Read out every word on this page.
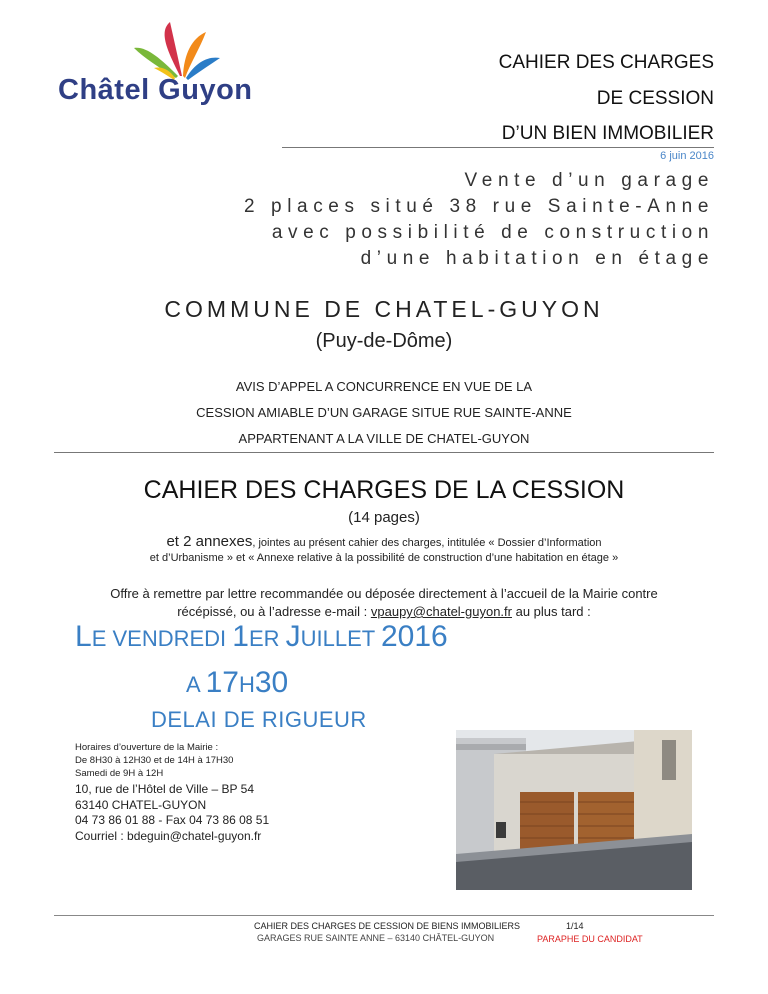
Châtel Guyon
CAHIER DES CHARGES
DE CESSION
D’UN BIEN IMMOBILIER
6 juin 2016
Vente d’un garage
2 places situé 38 rue Sainte-Anne
avec possibilité de construction
d’une habitation en étage
COMMUNE DE CHATEL-GUYON
(Puy-de-Dôme)
AVIS D’APPEL A CONCURRENCE EN VUE DE LA
CESSION AMIABLE D’UN GARAGE SITUE RUE SAINTE-ANNE
APPARTENANT A LA VILLE DE CHATEL-GUYON
CAHIER DES CHARGES DE LA CESSION
(14 pages)
et 2 annexes, jointes au présent cahier des charges, intitulée « Dossier d’Information
et d’Urbanisme » et « Annexe relative à la possibilité de construction d’une habitation en étage »
Offre à remettre par lettre recommandée ou déposée directement à l’accueil de la Mairie contre
récépissé, ou à l’adresse e-mail : vpaupy@chatel-guyon.fr au plus tard :
LE VENDREDI 1ER JUILLET 2016
A 17H30
DELAI DE RIGUEUR
Horaires d’ouverture de la Mairie :
De 8H30 à 12H30 et de 14H à 17H30
Samedi de 9H à 12H
10, rue de l’Hôtel de Ville – BP 54
63140 CHATEL-GUYON
04 73 86 01 88 - Fax 04 73 86 08 51
Courriel : bdeguin@chatel-guyon.fr
CAHIER DES CHARGES DE CESSION DE BIENS IMMOBILIERS
GARAGES RUE SAINTE ANNE – 63140 CHÂTEL-GUYON
1/14
PARAPHE DU CANDIDAT
